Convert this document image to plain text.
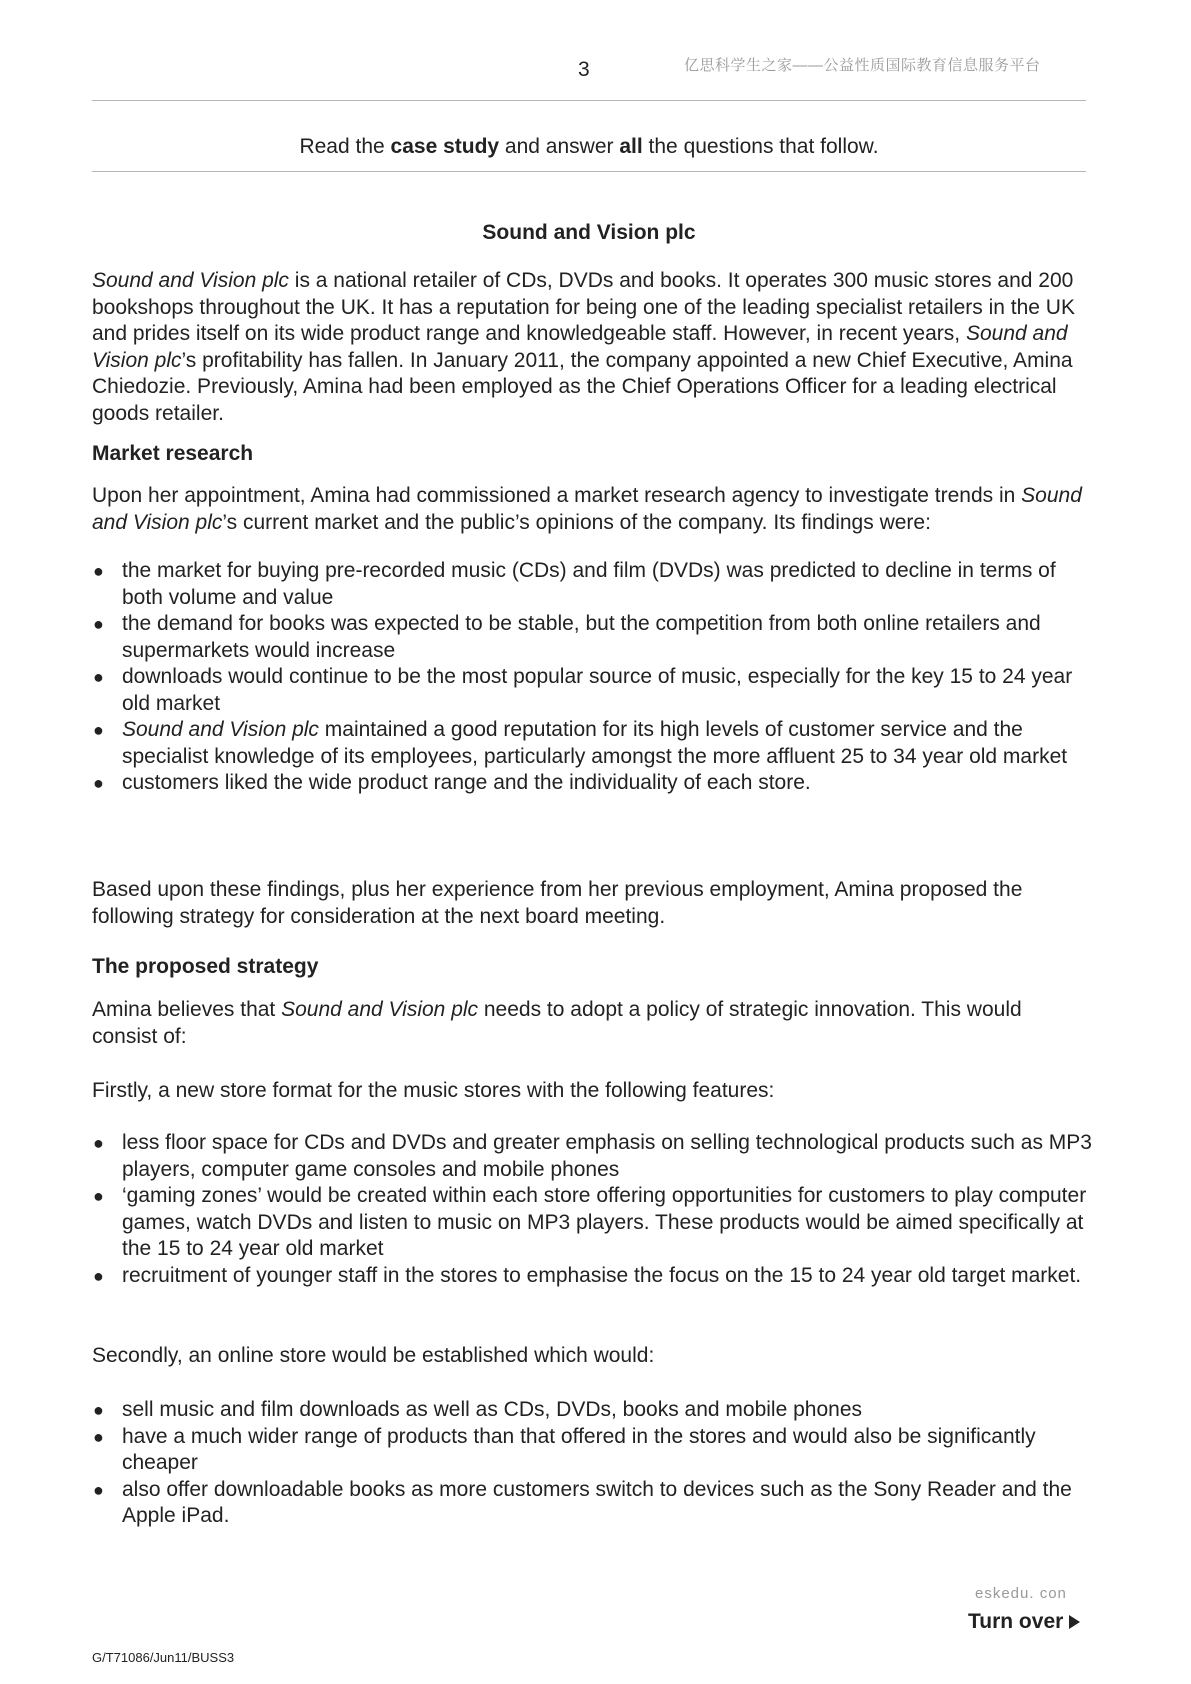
3	亿思科学生之家——公益性质国际教育信息服务平台
Read the case study and answer all the questions that follow.
Sound and Vision plc
Sound and Vision plc is a national retailer of CDs, DVDs and books. It operates 300 music stores and 200 bookshops throughout the UK. It has a reputation for being one of the leading specialist retailers in the UK and prides itself on its wide product range and knowledgeable staff. However, in recent years, Sound and Vision plc’s profitability has fallen. In January 2011, the company appointed a new Chief Executive, Amina Chiedozie. Previously, Amina had been employed as the Chief Operations Officer for a leading electrical goods retailer.
Market research
Upon her appointment, Amina had commissioned a market research agency to investigate trends in Sound and Vision plc’s current market and the public’s opinions of the company. Its findings were:
● the market for buying pre-recorded music (CDs) and film (DVDs) was predicted to decline in terms of both volume and value
● the demand for books was expected to be stable, but the competition from both online retailers and supermarkets would increase
● downloads would continue to be the most popular source of music, especially for the key 15 to 24 year old market
● Sound and Vision plc maintained a good reputation for its high levels of customer service and the specialist knowledge of its employees, particularly amongst the more affluent 25 to 34 year old market
● customers liked the wide product range and the individuality of each store.
Based upon these findings, plus her experience from her previous employment, Amina proposed the following strategy for consideration at the next board meeting.
The proposed strategy
Amina believes that Sound and Vision plc needs to adopt a policy of strategic innovation. This would consist of:
Firstly, a new store format for the music stores with the following features:
● less floor space for CDs and DVDs and greater emphasis on selling technological products such as MP3 players, computer game consoles and mobile phones
● ‘gaming zones’ would be created within each store offering opportunities for customers to play computer games, watch DVDs and listen to music on MP3 players. These products would be aimed specifically at the 15 to 24 year old market
● recruitment of younger staff in the stores to emphasise the focus on the 15 to 24 year old target market.
Secondly, an online store would be established which would:
● sell music and film downloads as well as CDs, DVDs, books and mobile phones
● have a much wider range of products than that offered in the stores and would also be significantly cheaper
● also offer downloadable books as more customers switch to devices such as the Sony Reader and the Apple iPad.
eskedu. con
Turn over
G/T71086/Jun11/BUSS3
